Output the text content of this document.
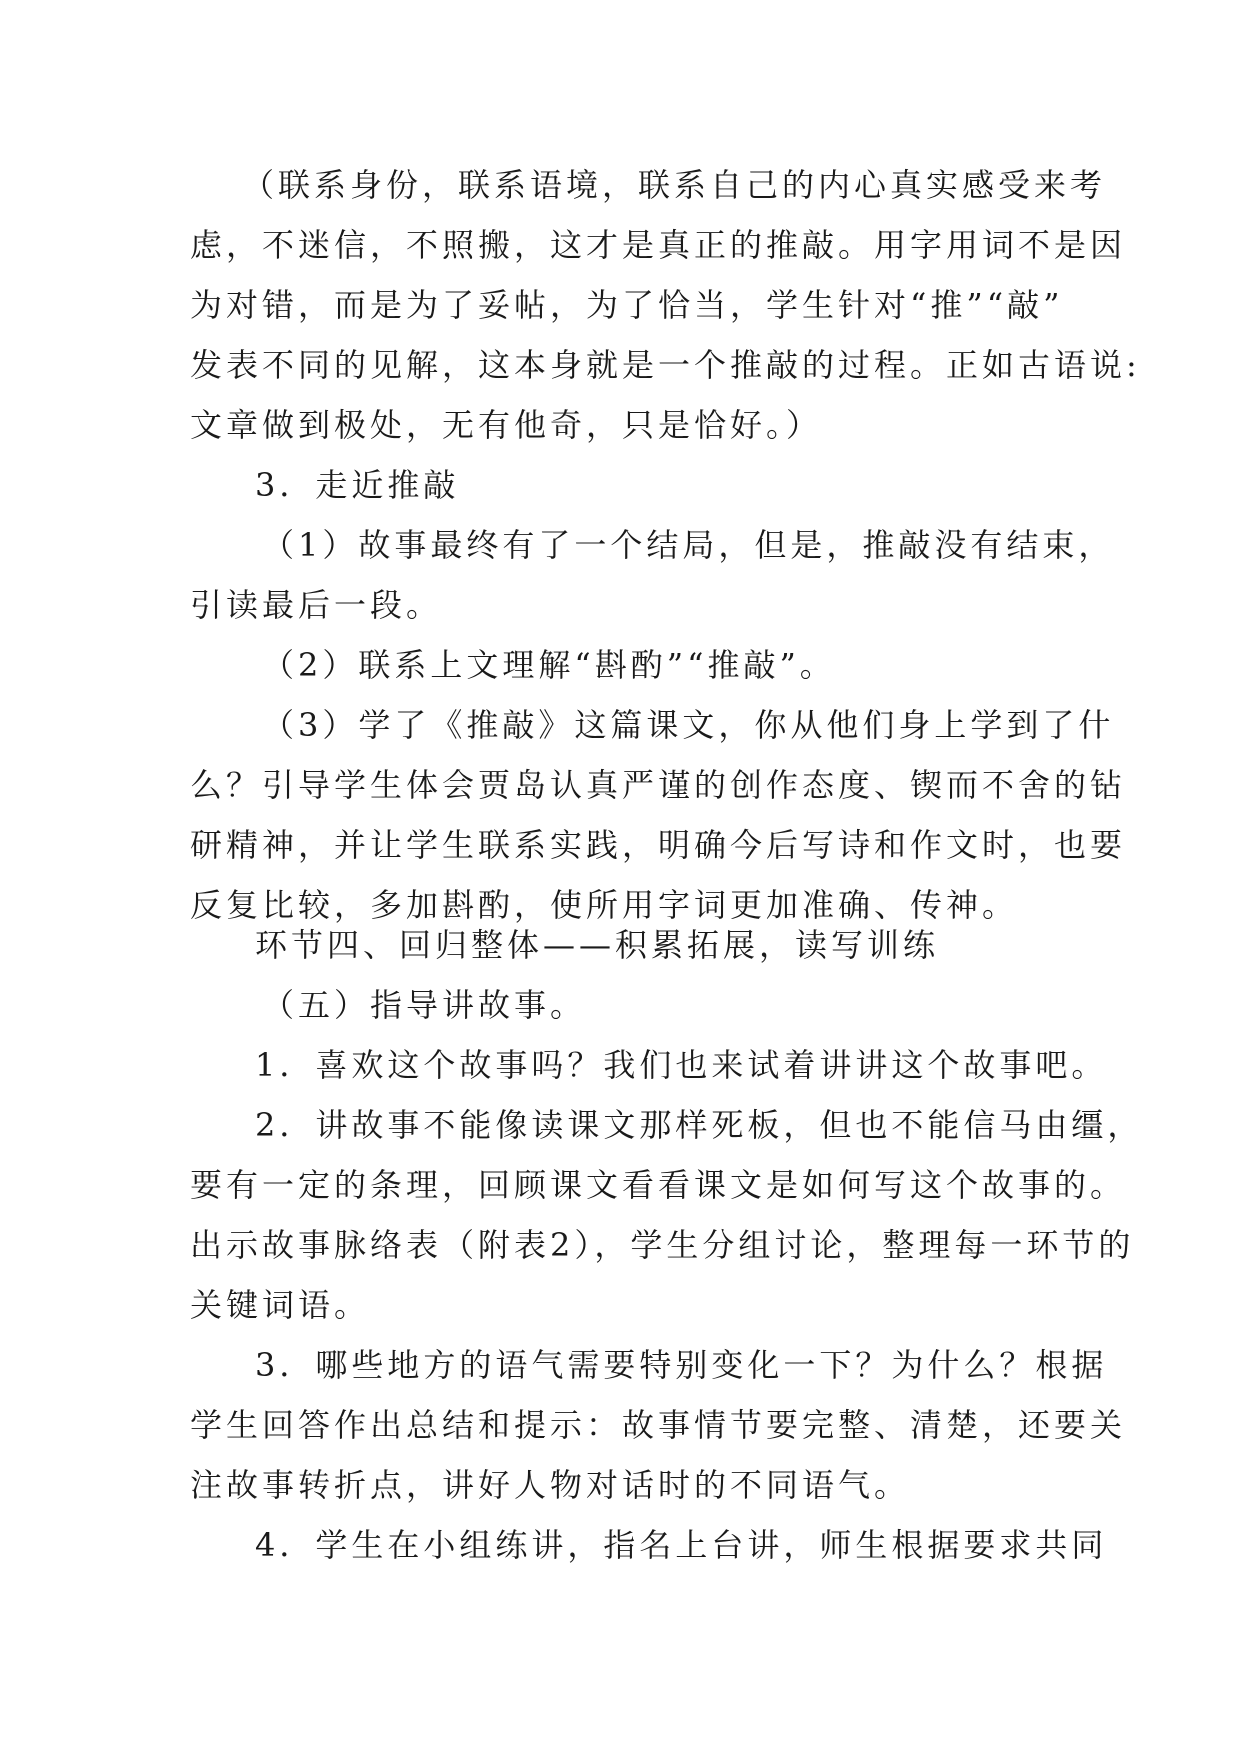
（联系身份，联系语境，联系自己的内心真实感受来考
虑，不迷信，不照搬，这才是真正的推敲。用字用词不是因
为对错，而是为了妥帖，为了恰当，学生针对“推”“敲”
发表不同的见解，这本身就是一个推敲的过程。正如古语说:
文章做到极处，无有他奇，只是恰好。）
3．走近推敲
（1）故事最终有了一个结局，但是，推敲没有结束，
引读最后一段。
（2）联系上文理解“斟酌”“推敲”。
（3）学了《推敲》这篇课文，你从他们身上学到了什
么？引导学生体会贾岛认真严谨的创作态度、锲而不舍的钻
研精神，并让学生联系实践，明确今后写诗和作文时，也要
反复比较，多加斟酌，使所用字词更加准确、传神。
环节四、回归整体——积累拓展，读写训练
（五）指导讲故事。
1．喜欢这个故事吗？我们也来试着讲讲这个故事吧。
2．讲故事不能像读课文那样死板，但也不能信马由缰，
要有一定的条理，回顾课文看看课文是如何写这个故事的。
出示故事脉络表（附表2），学生分组讨论，整理每一环节的
关键词语。
3．哪些地方的语气需要特别变化一下？为什么？根据
学生回答作出总结和提示：故事情节要完整、清楚，还要关
注故事转折点，讲好人物对话时的不同语气。
4．学生在小组练讲，指名上台讲，师生根据要求共同
